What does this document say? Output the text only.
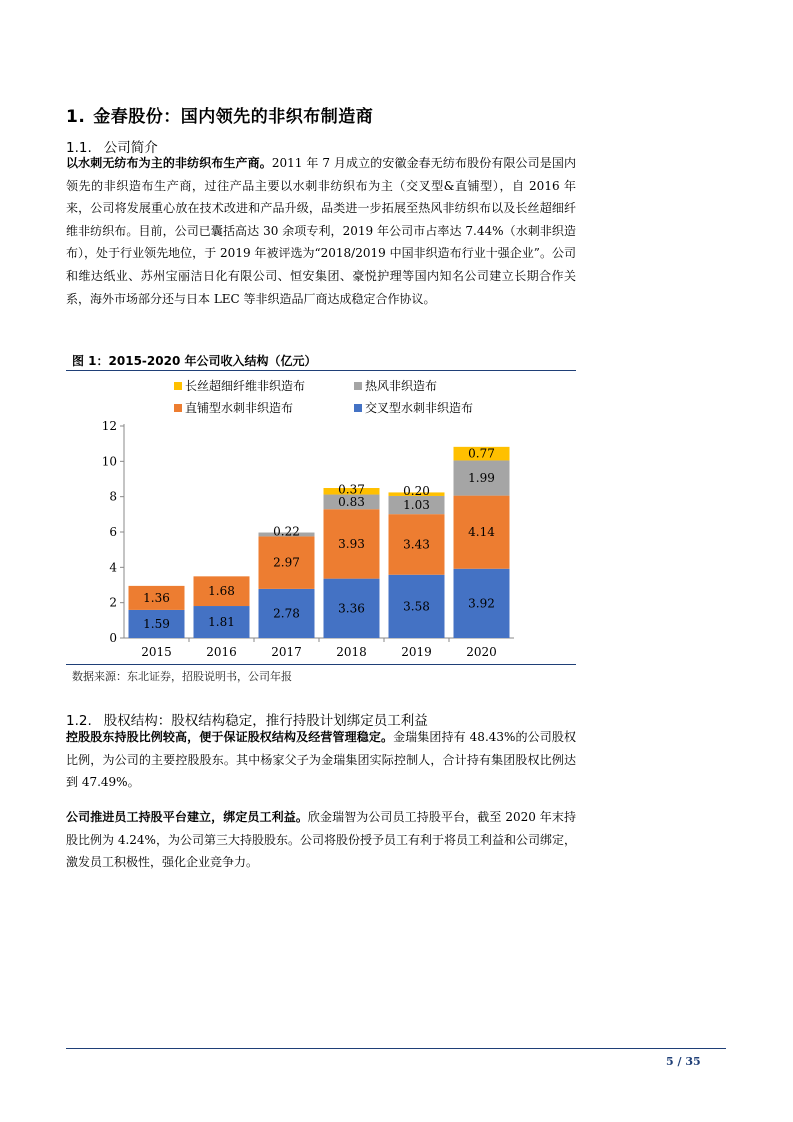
1. 金春股份：国内领先的非织布制造商
1.1. 公司简介
以水刺无纺布为主的非纺织布生产商。2011 年 7 月成立的安徽金春无纺布股份有限公司是国内领先的非织造布生产商，过往产品主要以水刺非纺织布为主（交叉型&直铺型），自 2016 年来，公司将发展重心放在技术改进和产品升级，品类进一步拓展至热风非纺织布以及长丝超细纤维非纺织布。目前，公司已囊括高达 30 余项专利，2019 年公司市占率达 7.44%（水刺非织造布），处于行业领先地位，于 2019 年被评选为“2018/2019 中国非织造布行业十强企业”。公司和维达纸业、苏州宝丽洁日化有限公司、恒安集团、豪悦护理等国内知名公司建立长期合作关系，海外市场部分还与日本 LEC 等非织造品厂商达成稳定合作协议。
图 1：2015-2020 年公司收入结构（亿元）
长丝超细纤维非织造布	热风非织造布
直铺型水刺非织造布	交叉型水刺非织造布
0
2
4
6
8
10
12
2015	2016	2017	2018	2019	2020
1.59
1.36
1.81
1.68
2.78
2.97
0.22
3.36
3.93
0.83
0.37
3.58
3.43
1.03
0.20
3.92
4.14
1.99
0.77
数据来源：东北证券，招股说明书，公司年报
1.2. 股权结构：股权结构稳定，推行持股计划绑定员工利益
控股股东持股比例较高，便于保证股权结构及经营管理稳定。金瑞集团持有 48.43%的公司股权比例，为公司的主要控股股东。其中杨家父子为金瑞集团实际控制人，合计持有集团股权比例达到 47.49%。
公司推进员工持股平台建立，绑定员工利益。欣金瑞智为公司员工持股平台，截至 2020 年末持股比例为 4.24%，为公司第三大持股股东。公司将股份授予员工有利于将员工利益和公司绑定，激发员工积极性，强化企业竞争力。
5 / 35
